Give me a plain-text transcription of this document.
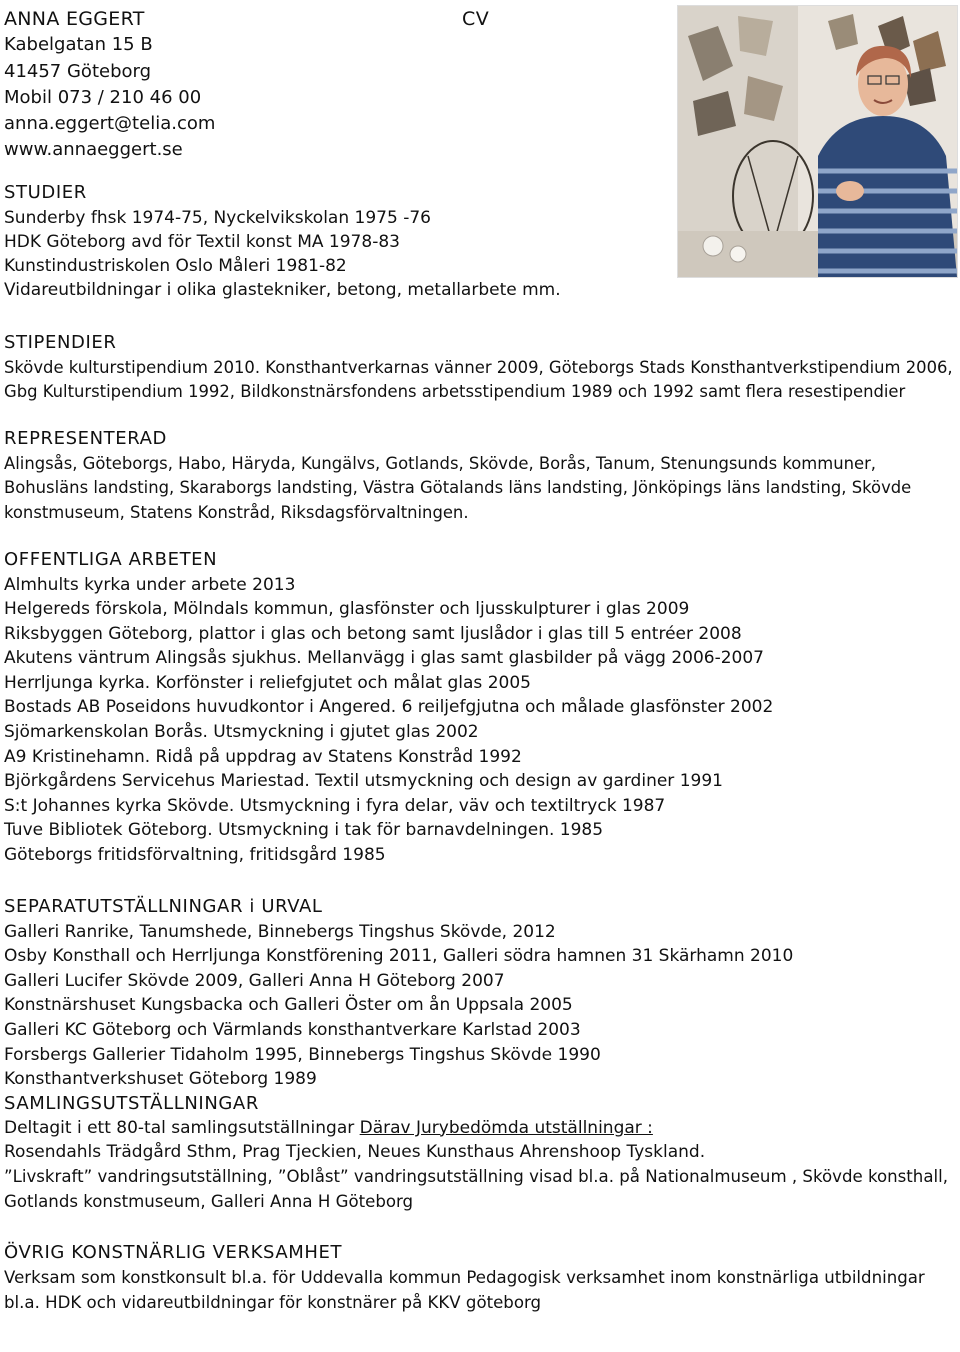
ANNA EGGERT
Kabelgatan 15 B
41457 Göteborg
Mobil 073 / 210 46 00
anna.eggert@telia.com
www.annaeggert.se
STUDIER
Sunderby fhsk 1974-75, Nyckelvikskolan 1975 -76
HDK Göteborg avd för Textil konst MA 1978-83
Kunstindustriskolen Oslo Måleri 1981-82
Vidareutbildningar i olika glastekniker, betong, metallarbete mm.
STIPENDIER
Skövde kulturstipendium 2010. Konsthantverkarnas vänner 2009, Göteborgs Stads Konsthantverkstipendium 2006, Gbg Kulturstipendium 1992, Bildkonstnärsfondens arbetsstipendium 1989 och 1992 samt flera resestipendier
REPRESENTERAD
Alingsås, Göteborgs, Habo, Häryda, Kungälvs, Gotlands, Skövde, Borås, Tanum, Stenungsunds kommuner, Bohusläns landsting, Skaraborgs landsting, Västra Götalands läns landsting, Jönköpings läns landsting, Skövde konstmuseum, Statens Konstråd, Riksdagsförvaltningen.
OFFENTLIGA ARBETEN
Almhults kyrka under arbete 2013
Helgereds förskola, Mölndals kommun, glasfönster och ljusskulpturer i glas 2009
Riksbyggen Göteborg, plattor i glas och betong samt ljuslådor i glas till 5 entréer 2008
Akutens väntrum Alingsås sjukhus. Mellanvägg i glas samt glasbilder på vägg 2006-2007
Herrljunga kyrka. Korfönster i reliefgjutet och målat glas 2005
Bostads AB Poseidons huvudkontor i Angered. 6 reiljefgjutna och målade glasfönster 2002
Sjömarkenskolan Borås. Utsmyckning i gjutet glas 2002
A9 Kristinehamn. Ridå på uppdrag av Statens Konstråd 1992
Björkgårdens Servicehus Mariestad. Textil utsmyckning och design av gardiner 1991
S:t Johannes kyrka Skövde. Utsmyckning i fyra delar, väv och textiltryck 1987
Tuve Bibliotek Göteborg. Utsmyckning i tak för barnavdelningen. 1985
Göteborgs fritidsförvaltning, fritidsgård 1985
SEPARATUTSTÄLLNINGAR i URVAL
Galleri Ranrike, Tanumshede, Binnebergs Tingshus Skövde, 2012
Osby Konsthall och Herrljunga Konstförening 2011, Galleri södra hamnen 31 Skärhamn 2010
Galleri Lucifer Skövde 2009, Galleri Anna H Göteborg 2007
Konstnärshuset Kungsbacka och Galleri Öster om ån Uppsala 2005
Galleri KC Göteborg och Värmlands konsthantverkare Karlstad 2003
Forsbergs Gallerier Tidaholm 1995, Binnebergs Tingshus Skövde 1990
Konsthantverkshuset Göteborg 1989
SAMLINGSUTSTÄLLNINGAR
Deltagit i ett 80-tal samlingsutställningar Därav Jurybedömda utställningar :
Rosendahls Trädgård Sthm, Prag Tjeckien, Neues Kunsthaus Ahrenshoop Tyskland.
”Livskraft” vandringsutställning, ”Oblåst” vandringsutställning visad bl.a. på Nationalmuseum , Skövde konsthall, Gotlands konstmuseum, Galleri Anna H Göteborg
ÖVRIG KONSTNÄRLIG VERKSAMHET
Verksam som konstkonsult bl.a. för Uddevalla kommun Pedagogisk verksamhet inom konstnärliga utbildningar bl.a. HDK och vidareutbildningar för konstnärer på KKV göteborg
CV
